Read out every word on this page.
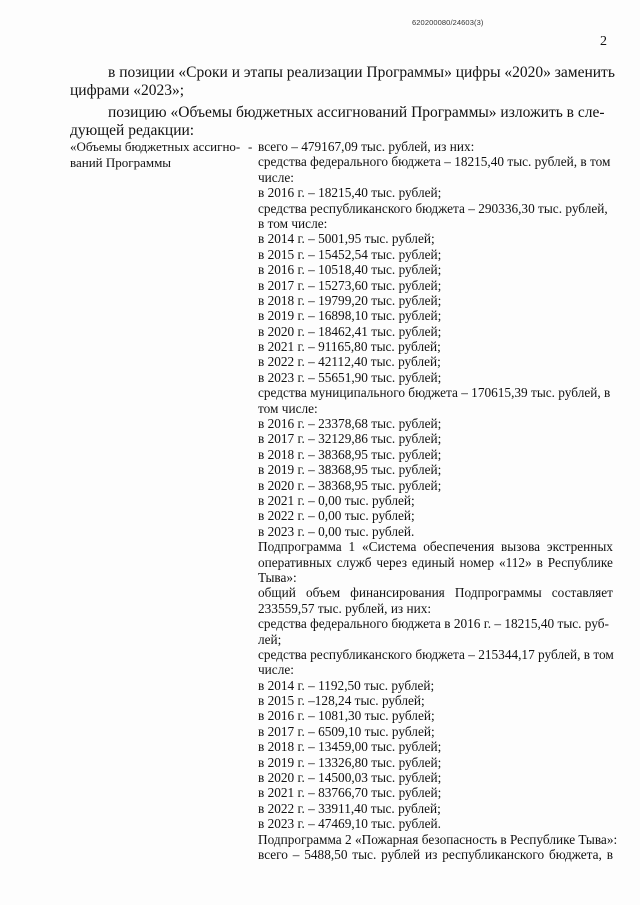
620200080/24603(3)
2
в позиции «Сроки и этапы реализации Программы» цифры «2020» заменить
цифрами «2023»;
позицию «Объемы бюджетных ассигнований Программы» изложить в сле-
дующей редакции:
«Объемы бюджетных ассигно-
ваний Программы
- всего – 479167,09 тыс. рублей, из них:
средства федерального бюджета – 18215,40 тыс. рублей, в том
числе:
в 2016 г. – 18215,40 тыс. рублей;
средства республиканского бюджета – 290336,30 тыс. рублей,
в том числе:
в 2014 г. – 5001,95 тыс. рублей;
в 2015 г. – 15452,54 тыс. рублей;
в 2016 г. – 10518,40 тыс. рублей;
в 2017 г. – 15273,60 тыс. рублей;
в 2018 г. – 19799,20 тыс. рублей;
в 2019 г. – 16898,10 тыс. рублей;
в 2020 г. – 18462,41 тыс. рублей;
в 2021 г. – 91165,80 тыс. рублей;
в 2022 г. – 42112,40 тыс. рублей;
в 2023 г. – 55651,90 тыс. рублей;
средства муниципального бюджета – 170615,39 тыс. рублей, в
том числе:
в 2016 г. – 23378,68 тыс. рублей;
в 2017 г. – 32129,86 тыс. рублей;
в 2018 г. – 38368,95 тыс. рублей;
в 2019 г. – 38368,95 тыс. рублей;
в 2020 г. – 38368,95 тыс. рублей;
в 2021 г. – 0,00 тыс. рублей;
в 2022 г. – 0,00 тыс. рублей;
в 2023 г. – 0,00 тыс. рублей.
Подпрограмма 1 «Система обеспечения вызова экстренных
оперативных служб через единый номер «112» в Республике
Тыва»:
общий объем финансирования Подпрограммы составляет
233559,57 тыс. рублей, из них:
средства федерального бюджета в 2016 г. – 18215,40 тыс. руб-
лей;
средства республиканского бюджета – 215344,17 рублей, в том
числе:
в 2014 г. – 1192,50 тыс. рублей;
в 2015 г. –128,24 тыс. рублей;
в 2016 г. – 1081,30 тыс. рублей;
в 2017 г. – 6509,10 тыс. рублей;
в 2018 г. – 13459,00 тыс. рублей;
в 2019 г. – 13326,80 тыс. рублей;
в 2020 г. – 14500,03 тыс. рублей;
в 2021 г. – 83766,70 тыс. рублей;
в 2022 г. – 33911,40 тыс. рублей;
в 2023 г. – 47469,10 тыс. рублей.
Подпрограмма 2 «Пожарная безопасность в Республике Тыва»:
всего – 5488,50 тыс. рублей из республиканского бюджета, в
